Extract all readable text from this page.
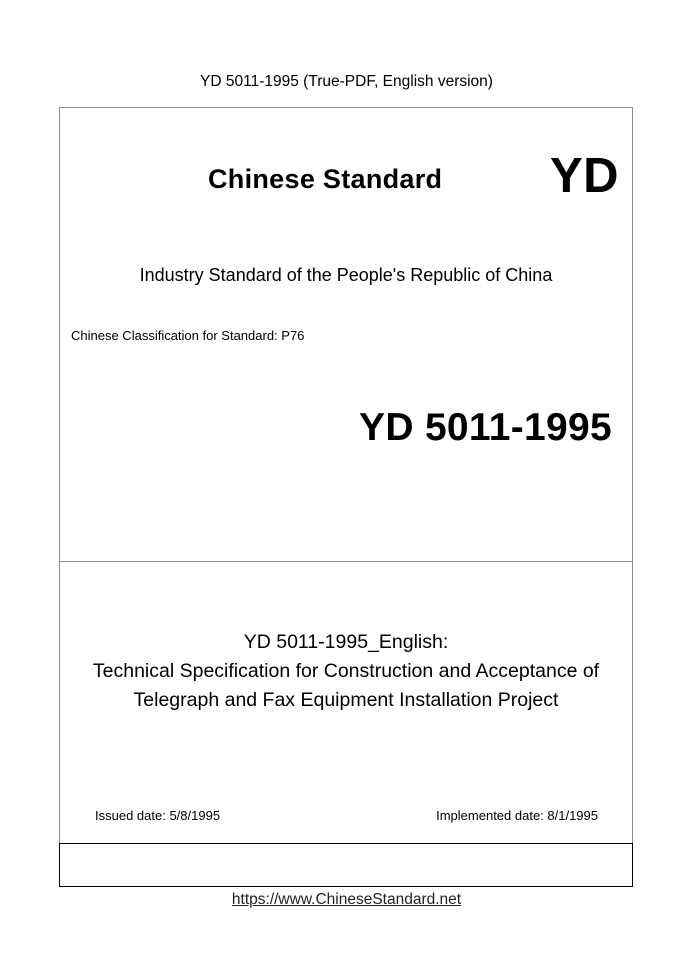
YD 5011-1995 (True-PDF, English version)
Chinese Standard YD
Industry Standard of the People's Republic of China
Chinese Classification for Standard: P76
YD 5011-1995
YD 5011-1995_English:
Technical Specification for Construction and Acceptance of
Telegraph and Fax Equipment Installation Project
Issued date: 5/8/1995	Implemented date: 8/1/1995
https://www.ChineseStandard.net
